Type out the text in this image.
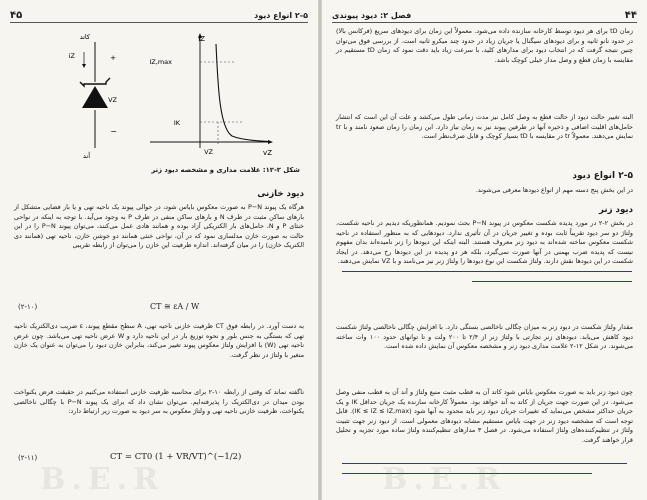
۴۵	۲-۵ انواع دیود
iZ
vZ
IZ,max
IK
VZ
کاتد
آند
iZ	+
VZ
−

شکل ۲-۱۲: علامت مداری و مشخصه دیود زنر

دیود خازنی

هرگاه یک پیوند P−N به صورت معکوس بایاس شود، در حوالی پیوند یک ناحیه تهی و یا بار فضایی متشکل از بارهای ساکن مثبت در طرف N و بارهای ساکن منفی در طرف P به وجود می‌آید. با توجه به اینکه در نواحی خنثای P و N، حامل‌های بار الکتریکی آزاد بوده و همانند هادی عمل می‌کنند، می‌توان پیوند P−N را در این حالت به صورت خازن مدلسازی نمود که در آن، نواحی خنثی همانند دو جوشن خازن، ناحیه تهی (همانند دی الکتریک خازن) را در میان گرفته‌اند. اندازه ظرفیت این خازن را می‌توان از رابطه تقریبی

CT ≅ εA / W
(۲-۱۰)

به دست آورد. در رابطه فوق CT ظرفیت خازنی ناحیه تهی، A سطح مقطع پیوند، ε ضریب دی‌الکتریک ناحیه تهی که بستگی به جنس بلور و نحوه توزیع بار در این ناحیه دارد و W عرض ناحیه تهی می‌باشد. چون عرض ناحیه تهی (W) با افزایش ولتاژ معکوس پیوند تغییر می‌کند، بنابراین خازن دیود را می‌توان به عنوان یک خازن متغیر با ولتاژ در نظر گرفت.

ناگفته نماند که وقتی از رابطه ۱۰-۲ برای محاسبه ظرفیت خازنی استفاده می‌کنیم در حقیقت فرض یکنواخت بودن میدان در دی‌الکتریک را پذیرفته‌ایم. می‌توان نشان داد که برای یک پیوند P−N با چگالی ناخالصی یکنواخت، ظرفیت خازنی ناحیه تهی و ولتاژ معکوس به سر دیود به صورت زیر ارتباط دارد:

CT = CT0 (1 + VR/VT)^(−1/2)
(۲-۱۱)
B.E.R
۴۴
فصل ۲: دیود پیوندی

زمان tD برای هر دیود توسط کارخانه سازنده داده می‌شود. معمولاً این زمان برای دیودهای سریع (فرکانس بالا) در حدود نانو ثانیه و برای دیودهای سیگنال یا جریان زیاد در حدود چند میکرو ثانیه است. از بررسی فوق می‌توان چنین نتیجه گرفت که در انتخاب دیود برای مدارهای کلید، با سرعت زیاد باید دقت نمود که زمان tD مستقیم در مقایسه با زمان قطع و وصل مدار خیلی کوچک باشد.

البته تغییر حالت دیود از حالت قطع به وصل کامل نیز مدت زمانی طول می‌کشد و علت آن این است که انتشار حامل‌های اقلیت اضافی و ذخیره آنها در طرفین پیوند نیز به زمان نیاز دارد. این زمان را زمان صعود نامند و با tr نمایش می‌دهند. معمولاً tr در مقایسه با tD بسیار کوچک و قابل صرف‌نظر است.

۲-۵ انواع دیود

در این بخش پنج دسته مهم از انواع دیودها معرفی می‌شوند.

دیود زنر

در بخش ۲-۲ در مورد پدیده شکست معکوس در پیوند P−N بحث نمودیم. همانطوریکه دیدیم در ناحیه شکست، ولتاژ دو سر دیود تقریباً ثابت بوده و تغییر جریان در آن تأثیری ندارد. دیودهایی که به منظور استفاده در ناحیه شکست معکوس ساخته شده‌اند به دیود زنر معروف هستند. البته اینکه این دیودها را زنر نامیده‌اند بدان مفهوم نیست که پدیده ضرب بهمنی در آنها صورت نمی‌گیرد، بلکه هر دو پدیده در این دیودها رخ می‌دهد. در ایجاد شکست در این دیودها نقش دارند. ولتاژ شکست این نوع دیودها را ولتاژ زنر نیز می‌نامند و با VZ نمایش می‌دهند.

مقدار ولتاژ شکست در دیود زنر به میزان چگالی ناخالصی بستگی دارد. با افزایش چگالی ناخالصی ولتاژ شکست دیود کاهش می‌یابد. دیودهای زنر تجارتی با ولتاژ زنر از ۲/۴ تا ۲۰۰ ولت و تا توانهای حدود ۱۰۰ وات ساخته می‌شوند. در شکل ۱۲-۲ علامت مداری دیود زنر و مشخصه معکوس آن نمایش داده شده است.

چون دیود زنر باید به صورت معکوس بایاس شود کاتد آن به قطب مثبت منبع ولتاژ و آند آن به قطب منفی وصل می‌شود. در این صورت جهت جریان از کاتد به آند خواهد بود. معمولاً کارخانه سازنده یک جریان حداقل IK و یک جریان حداکثر مشخص می‌نماید که تغییرات جریان دیود زنر باید محدود به آنها شود (IK ≤ iZ ≤ IZ,max). قابل توجه است که مشخصه دیود زنر در جهت بایاس مستقیم مشابه دیودهای معمولی است. از دیود زنر جهت تثبیت ولتاژ در تنظیم‌کننده‌های ولتاژ استفاده می‌شود. در فصل ۳ مدارهای تنظیم‌کننده ولتاژ ساده مورد تجزیه و تحلیل قرار خواهند گرفت.

B.E.R
